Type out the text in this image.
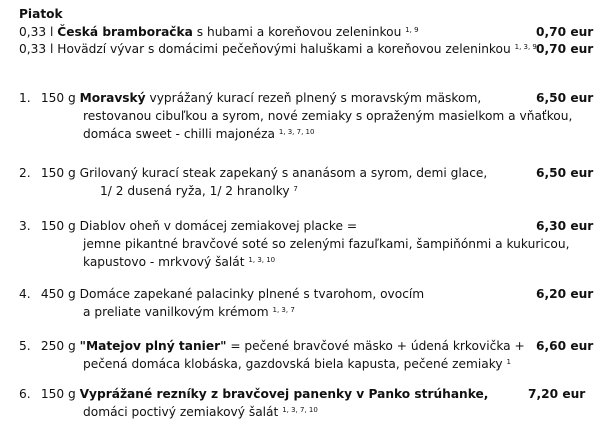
Piatok
0,33 l Česká bramboračka s hubami a koreňovou zeleninkou $^{1, 9}$	0,70 eur
0,33 l Hovädzí vývar s domácimi pečeňovými haluškami a koreňovou zeleninkou $^{1, 3, 9}$ 0,70 eur
1. 150 g Moravský vyprážaný kurací rezeň plnený s moravským mäskom,	6,50 eur
restovanou cibuľkou a syrom, nové zemiaky s opraženým masielkom a vňaťkou,
domáca sweet - chilli majonéza $^{1, 3, 7, 10}$
2. 150 g Grilovaný kurací steak zapekaný s ananásom a syrom, demi glace,	6,50 eur
1/ 2 dusená ryža, 1/ 2 hranolky $^7$
3. 150 g Diablov oheň v domácej zemiakovej placke =	6,30 eur
jemne pikantné bravčové soté so zelenými fazuľkami, šampiňónmi a kukuricou,
kapustovo - mrkvový šalát $^{1, 3, 10}$
4. 450 g Domáce zapekané palacinky plnené s tvarohom, ovocím	6,20 eur
a preliate vanilkovým krémom $^{1, 3, 7}$
5. 250 g "Matejov plný tanier" = pečené bravčové mäsko + údená krkovička + 6,60 eur
pečená domáca klobáska, gazdovská biela kapusta, pečené zemiaky $^1$
6. 150 g Vyprážané rezníky z bravčovej panenky v Panko strúhanke,	7,20 eur
domáci poctivý zemiakový šalát $^{1, 3, 7, 10}$
